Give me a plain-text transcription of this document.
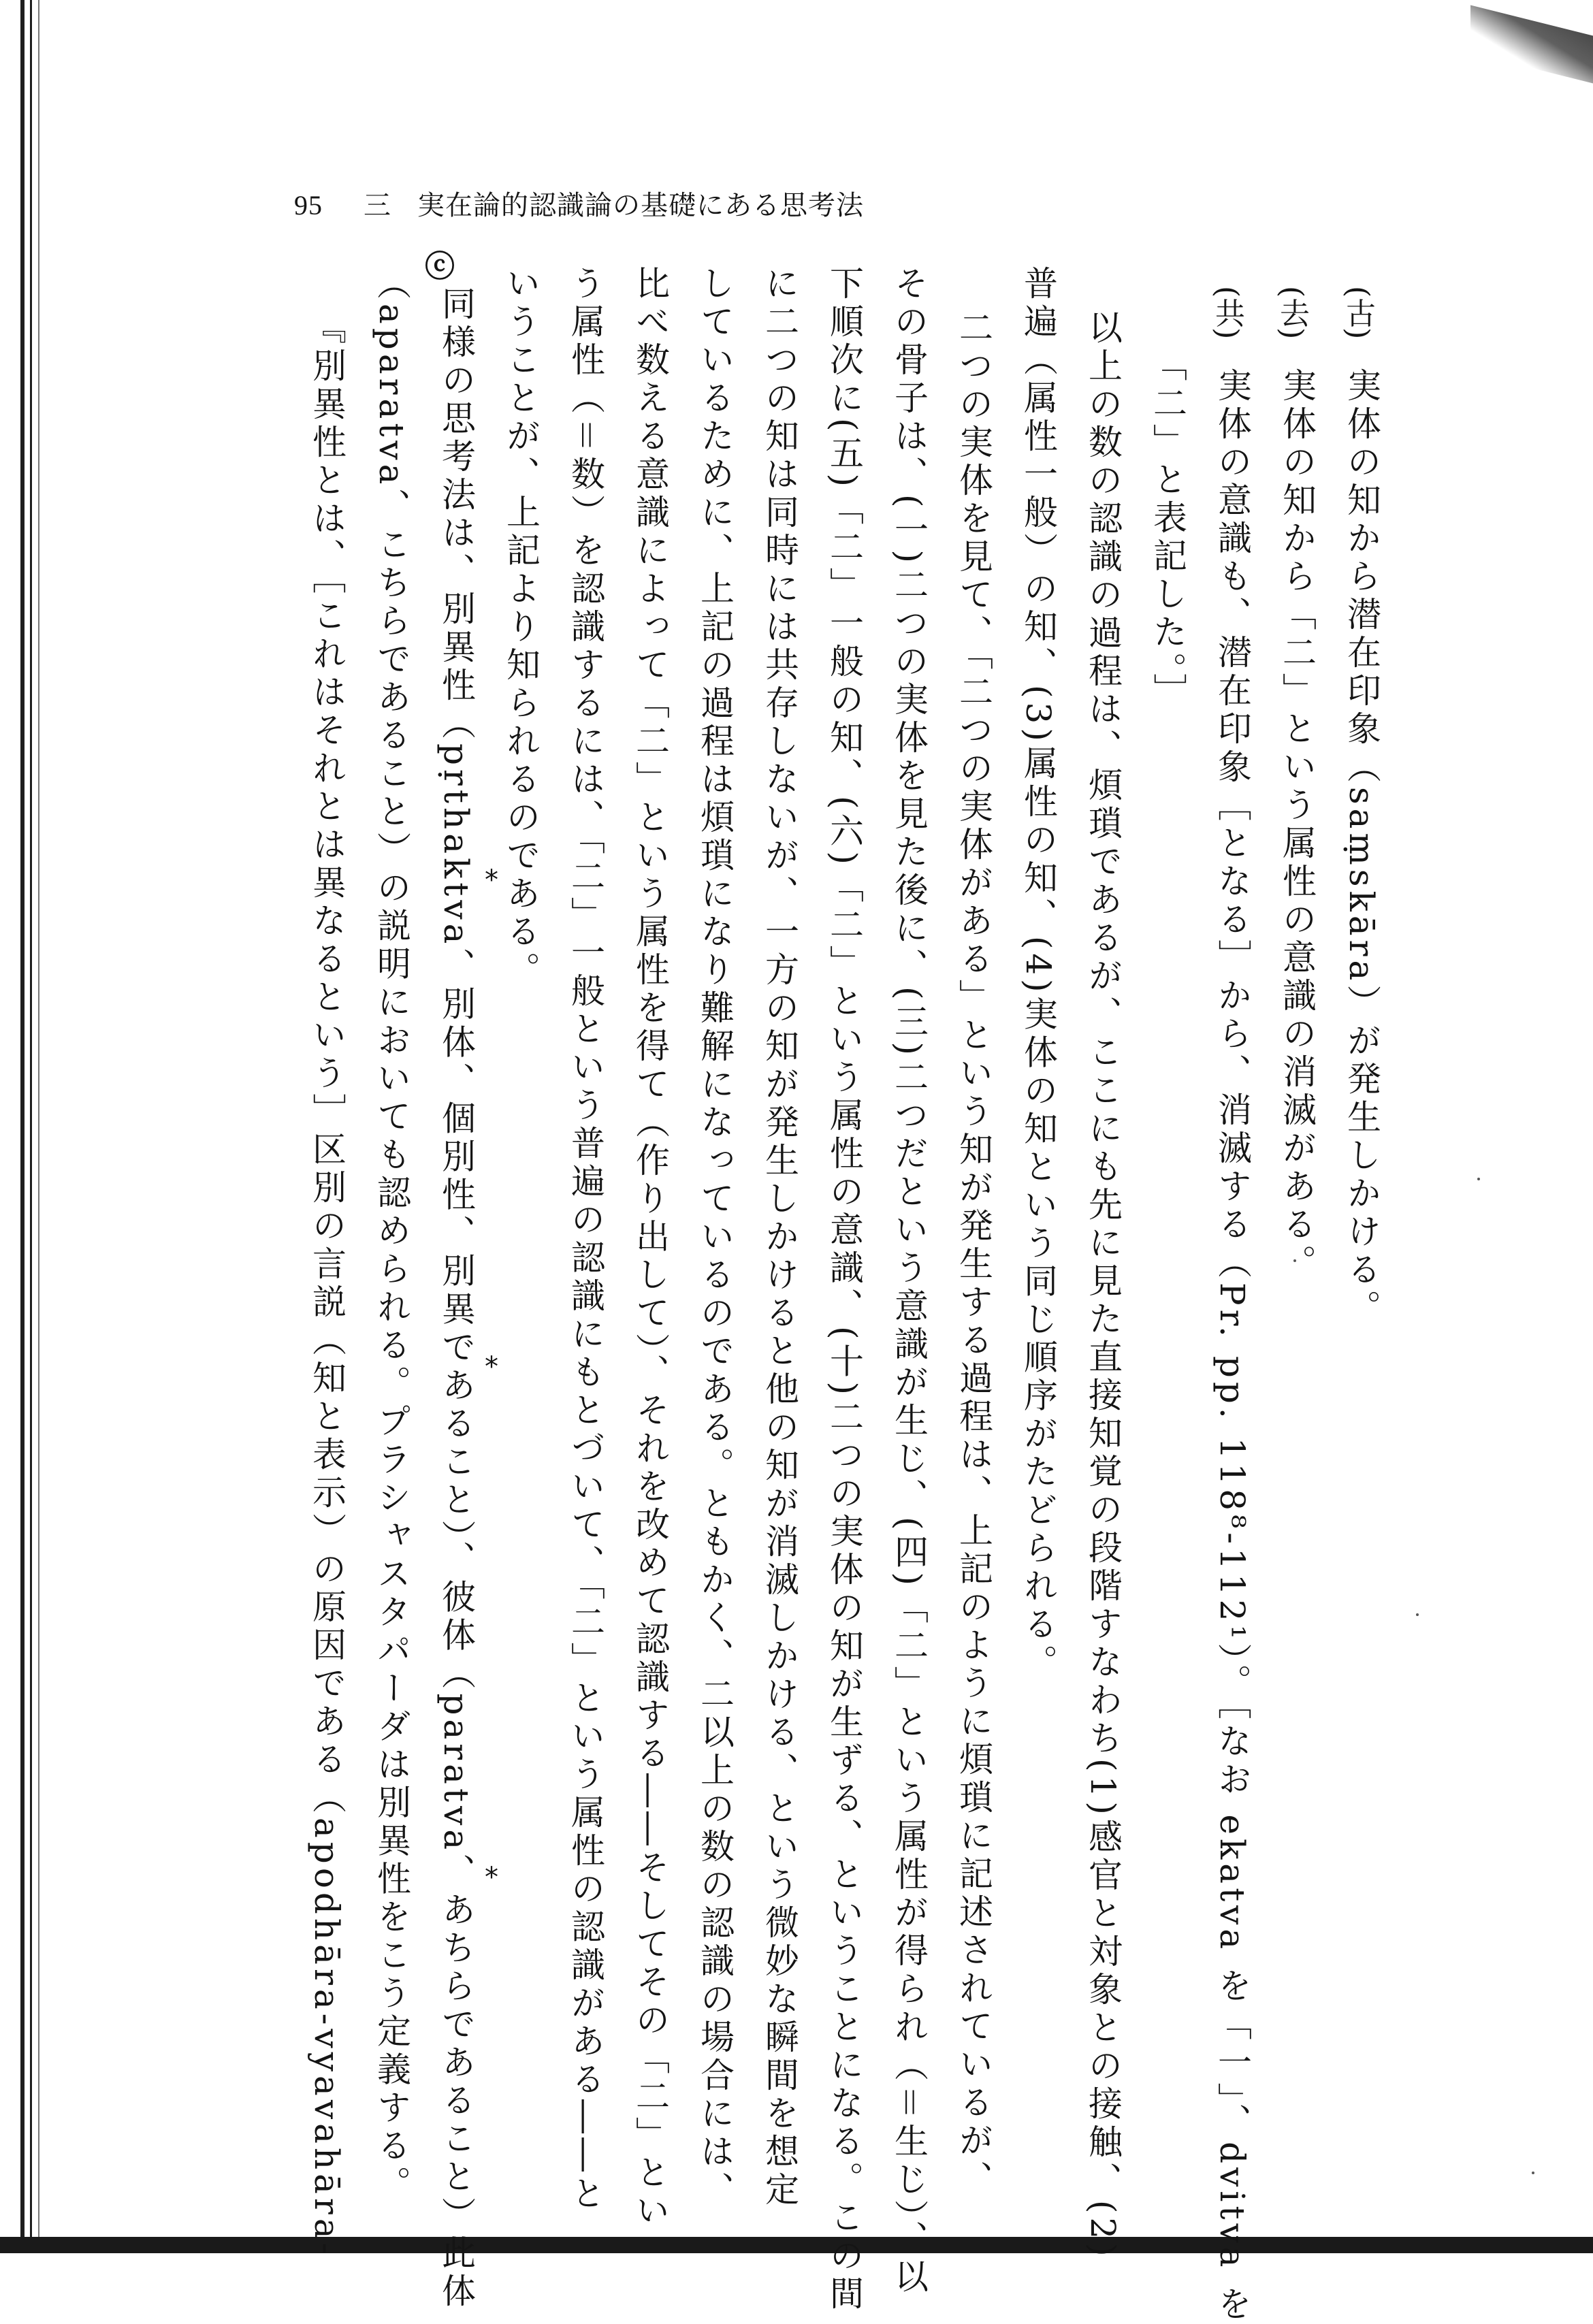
95 三 実在論的認識論の基礎にある思考法
(古)
(去)
(共)
実体の知から潜在印象（saṃskāra）が発生しかける。
実体の知から「二」という属性の意識の消滅がある。
実体の意識も、潜在印象［となる］から、消滅する（Pr. pp. 118⁸-112¹）。［なお ekatva を「一」、dvitva を
「二」と表記した。］
以上の数の認識の過程は、煩瑣であるが、ここにも先に見た直接知覚の段階すなわち(1)感官と対象との接触、(2)
普遍（属性一般）の知、(3)属性の知、(4)実体の知という同じ順序がたどられる。
二つの実体を見て、「二つの実体がある」という知が発生する過程は、上記のように煩瑣に記述されているが、
その骨子は、(一)二つの実体を見た後に、(三)二つだという意識が生じ、(四)「二」という属性が得られ（＝生じ）、以
下順次に(五)「二」一般の知、(六)「二」という属性の意識、(十)二つの実体の知が生ずる、ということになる。この間
に二つの知は同時には共存しないが、一方の知が発生しかけると他の知が消滅しかける、という微妙な瞬間を想定
しているために、上記の過程は煩瑣になり難解になっているのである。ともかく、二以上の数の認識の場合には、
比べ数える意識によって「二」という属性を得て（作り出して）、それを改めて認識する――そしてその「二」とい
う属性（＝数）を認識するには、「二」一般という普遍の認識にもとづいて、「二」という属性の認識がある――と
いうことが、上記より知られるのである。
ⓒ
同様の思考法は、別異性（pṛthaktva、別体、個別性、別異であること）、彼体（paratva、あちらであること）此体 *
*
*
（aparatva、こちらであること）の説明においても認められる。プラシャスタパーダは別異性をこう定義する。
『別異性とは、［これはそれとは異なるという］区別の言説（知と表示）の原因である（apodhāra-vyavahāra-
